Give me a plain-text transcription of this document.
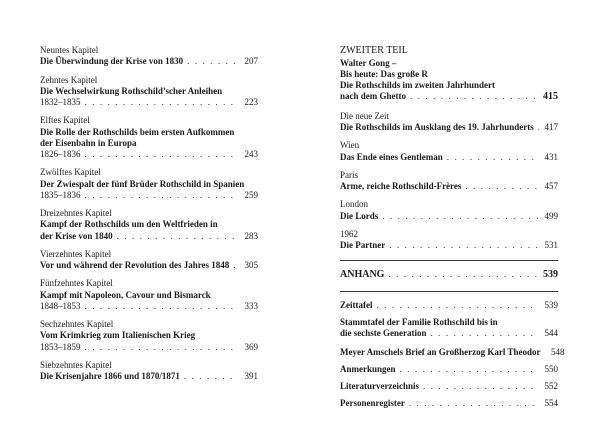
Neuntes Kapitel
Die Überwindung der Krise von 1830 . . .	207
Zehntes Kapitel
Die Wechselwirkung Rothschild’scher Anleihen
1832–1835 . . .	223
Elftes Kapitel
Die Rolle der Rothschilds beim ersten Aufkommen
der Eisenbahn in Europa
1826–1836 . . .	243
Zwölftes Kapitel
Der Zwiespalt der fünf Brüder Rothschild in Spanien
1835–1836 . . .	259
Dreizehntes Kapitel
Kampf der Rothschilds um den Weltfrieden in
der Krise von 1840 . . .	283
Vierzehntes Kapitel
Vor und während der Revolution des Jahres 1848 . . . 305
Fünfzehntes Kapitel
Kampf mit Napoleon, Cavour und Bismarck
1848–1853 . . .	333
Sechzehntes Kapitel
Vom Krimkrieg zum Italienischen Krieg
1853–1859 . . .	369
Siebzehntes Kapitel
Die Krisenjahre 1866 und 1870/1871 . . .	391
ZWEITER TEIL
Walter Gong –
Bis heute: Das große R
Die Rothschilds im zweiten Jahrhundert
nach dem Ghetto . . .	415
Die neue Zeit
Die Rothschilds im Ausklang des 19. Jahrhunderts . . . 417
Wien
Das Ende eines Gentleman . . .	431
Paris
Arme, reiche Rothschild-Frères . . .	457
London
Die Lords . . .	499
1962
Die Partner . . .	531
ANHANG . . .	539
Zeittafel . . .	539
Stammtafel der Familie Rothschild bis in
die sechste Generation . . .	544
Meyer Amschels Brief an Großherzog Karl Theodor 548
Anmerkungen . . .	550
Literaturverzeichnis . . .	552
Personenregister . . .	554
